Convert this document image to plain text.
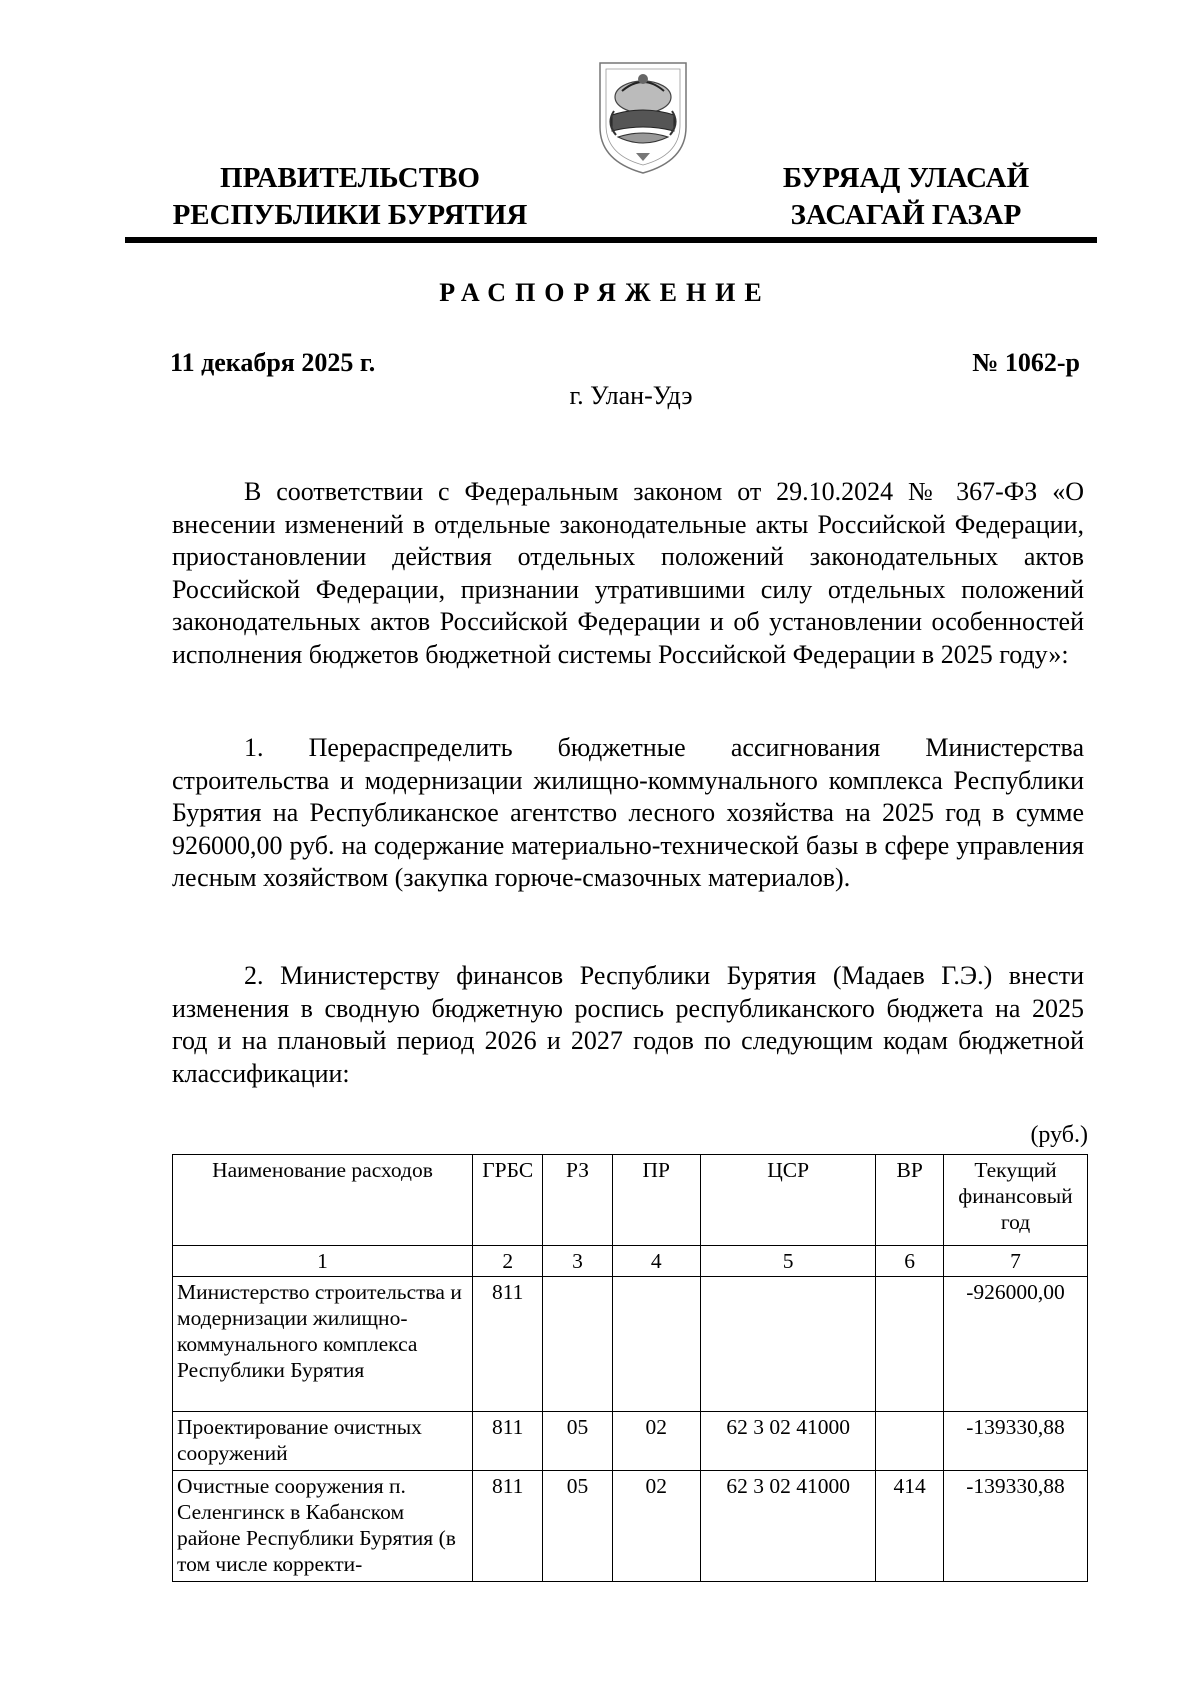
ПРАВИТЕЛЬСТВО
РЕСПУБЛИКИ БУРЯТИЯ
БУРЯАД УЛАСАЙ
ЗАСАГАЙ ГАЗАР
РАСПОРЯЖЕНИЕ
11 декабря 2025 г.	№ 1062-р
г. Улан-Удэ
В соответствии с Федеральным законом от 29.10.2024 № 367-ФЗ «О внесении изменений в отдельные законодательные акты Российской Федерации, приостановлении действия отдельных положений законодательных актов Российской Федерации, признании утратившими силу отдельных положений законодательных актов Российской Федерации и об установлении особенностей исполнения бюджетов бюджетной системы Российской Федерации в 2025 году»:
1. Перераспределить бюджетные ассигнования Министерства строительства и модернизации жилищно-коммунального комплекса Республики Бурятия на Республиканское агентство лесного хозяйства на 2025 год в сумме 926000,00 руб. на содержание материально-технической базы в сфере управления лесным хозяйством (закупка горюче-смазочных материалов).
2. Министерству финансов Республики Бурятия (Мадаев Г.Э.) внести изменения в сводную бюджетную роспись республиканского бюджета на 2025 год и на плановый период 2026 и 2027 годов по следующим кодам бюджетной классификации:
(руб.)
Наименование расходов	ГРБС	РЗ	ПР	ЦСР	ВР	Текущий финансовый год
1	2	3	4	5	6	7
Министерство строительства и модернизации жилищно-коммунального комплекса Республики Бурятия	811					-926000,00
Проектирование очистных сооружений	811	05	02	62 3 02 41000		-139330,88
Очистные сооружения п. Селенгинск в Кабанском районе Республики Бурятия (в том числе корректи-	811	05	02	62 3 02 41000	414	-139330,88
